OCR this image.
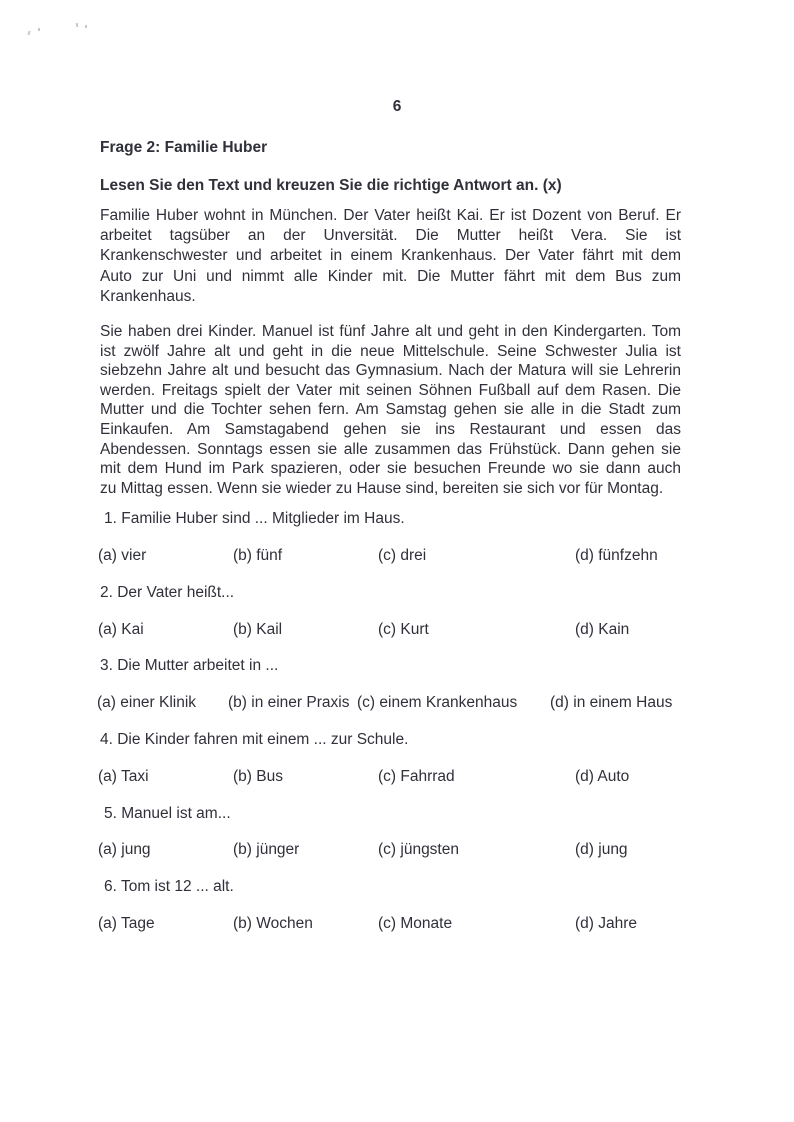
6
Frage 2: Familie Huber
Lesen Sie den Text und kreuzen Sie die richtige Antwort an. (x)
Familie Huber wohnt in München. Der Vater heißt Kai. Er ist Dozent von Beruf. Er
arbeitet tagsüber an der Unversität. Die Mutter heißt Vera. Sie ist
Krankenschwester und arbeitet in einem Krankenhaus. Der Vater fährt mit dem
Auto zur Uni und nimmt alle Kinder mit. Die Mutter fährt mit dem Bus zum
Krankenhaus.
Sie haben drei Kinder. Manuel ist fünf Jahre alt und geht in den Kindergarten. Tom
ist zwölf Jahre alt und geht in die neue Mittelschule. Seine Schwester Julia ist
siebzehn Jahre alt und besucht das Gymnasium. Nach der Matura will sie Lehrerin
werden. Freitags spielt der Vater mit seinen Söhnen Fußball auf dem Rasen. Die
Mutter und die Tochter sehen fern. Am Samstag gehen sie alle in die Stadt zum
Einkaufen. Am Samstagabend gehen sie ins Restaurant und essen das
Abendessen. Sonntags essen sie alle zusammen das Frühstück. Dann gehen sie
mit dem Hund im Park spazieren, oder sie besuchen Freunde wo sie dann auch
zu Mittag essen. Wenn sie wieder zu Hause sind, bereiten sie sich vor für Montag.
1. Familie Huber sind ... Mitglieder im Haus.
(a) vier	(b) fünf	(c) drei	(d) fünfzehn
2. Der Vater heißt...
(a) Kai	(b) Kail	(c) Kurt	(d) Kain
3. Die Mutter arbeitet in ...
(a) einer Klinik	(b) in einer Praxis (c) einem Krankenhaus	(d) in einem Haus
4. Die Kinder fahren mit einem ... zur Schule.
(a) Taxi	(b) Bus	(c) Fahrrad	(d) Auto
5. Manuel ist am...
(a) jung	(b) jünger	(c) jüngsten	(d) jung
6. Tom ist 12 ... alt.
(a) Tage	(b) Wochen	(c) Monate	(d) Jahre
